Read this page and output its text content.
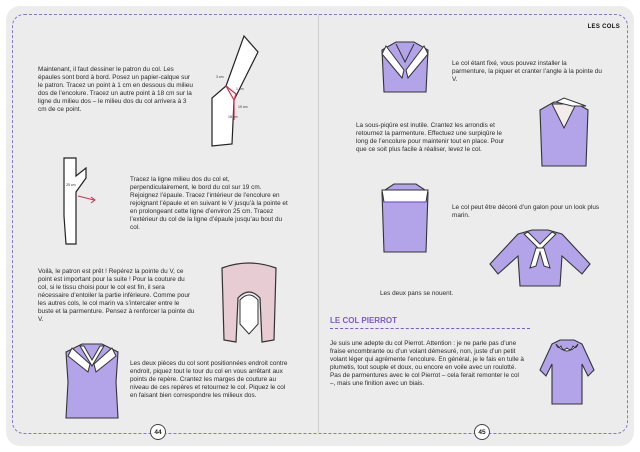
LES COLS
Maintenant, il faut dessiner le patron du col. Les épaules sont bord à bord. Posez un papier-calque sur le patron. Tracez un point à 1 cm en dessous du milieu dos de l’encolure. Tracez un autre point à 18 cm sur la ligne du milieu dos – le milieu dos du col arrivera à 3 cm de ce point.
3 cm
18 cm
19 cm
1 cm
25 cm
Tracez la ligne milieu dos du col et, perpendiculairement, le bord du col sur 19 cm. Rejoignez l’épaule. Tracez l’intérieur de l’encolure en rejoignant l’épaule et en suivant le V jusqu’à la pointe et en prolongeant cette ligne d’environ 25 cm. Tracez l’extérieur du col de la ligne d’épaule jusqu’au bout du col.
Voilà, le patron est prêt ! Repérez la pointe du V, ce point est important pour la suite ! Pour la couture du col, si le tissu choisi pour le col est fin, il sera nécessaire d’entoiler la partie inférieure. Comme pour les autres cols, le col marin va s’intercaler entre le buste et la parmenture. Pensez à renforcer la pointe du V.
Les deux pièces du col sont positionnées endroit contre endroit, piquez tout le tour du col en vous arrêtant aux points de repère. Crantez les marges de couture au niveau de ces repères et retournez le col. Piquez le col en faisant bien correspondre les milieux dos.
44
Le col étant fixé, vous pouvez installer la parmenture, la piquer et cranter l’angle à la pointe du V.
La sous-piqûre est inutile. Crantez les arrondis et retournez la parmenture. Effectuez une surpiqûre le long de l’encolure pour maintenir tout en place. Pour que ce soit plus facile à réaliser, levez le col.
Le col peut être décoré d’un galon pour un look plus marin.
Les deux pans se nouent.
LE COL PIERROT
Je suis une adepte du col Pierrot. Attention : je ne parle pas d’une fraise encombrante ou d’un volant démesuré, non, juste d’un petit volant léger qui agrémente l’encolure. En général, je le fais en tulle à plumetis, tout souple et doux, ou encore en voile avec un roulotté. Pas de parmentures avec le col Pierrot – cela ferait remonter le col –, mais une finition avec un biais.
45
